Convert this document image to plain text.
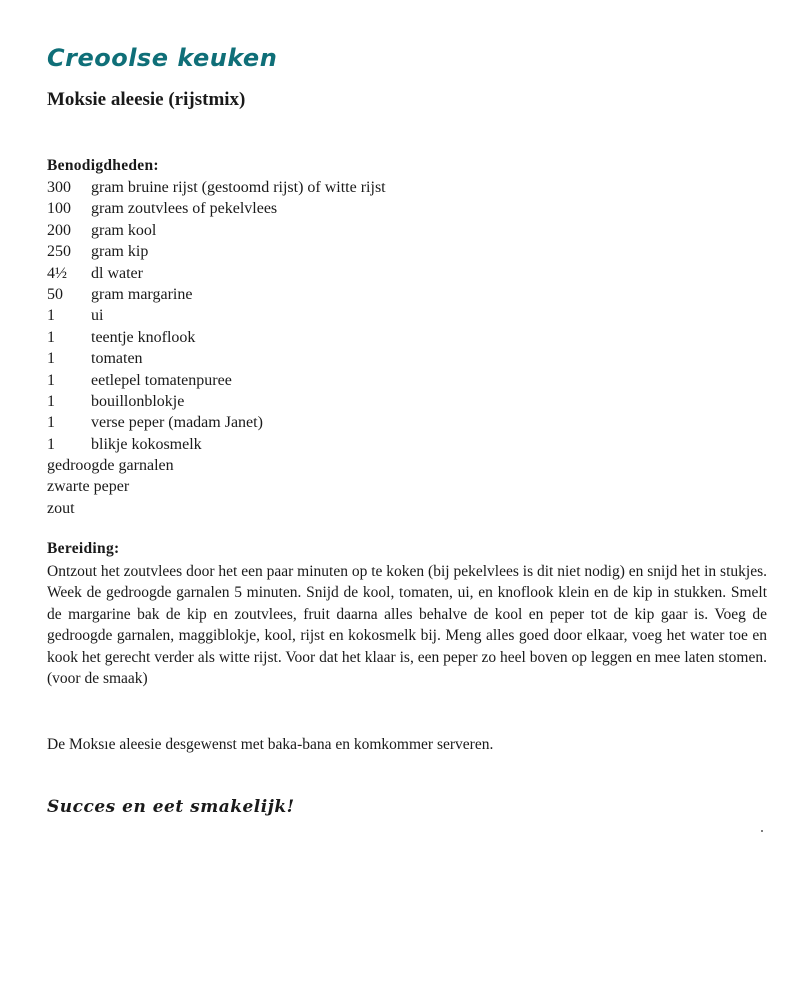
Creoolse keuken
Moksie aleesie (rijstmix)
Benodigdheden:
300	gram bruine rijst (gestoomd rijst) of witte rijst
100	gram zoutvlees of pekelvlees
200	gram kool
250	gram kip
4½	dl water
50	gram margarine
1	ui
1	teentje knoflook
1	tomaten
1	eetlepel tomatenpuree
1	bouillonblokje
1	verse peper (madam Janet)
1	blikje kokosmelk
gedroogde garnalen
zwarte peper
zout
Bereiding:

Ontzout het zoutvlees door het een paar minuten op te koken (bij pekelvlees is dit niet nodig) en snijd het in stukjes. Week de gedroogde garnalen 5 minuten. Snijd de kool, tomaten, ui, en knoflook klein en de kip in stukken. Smelt de margarine bak de kip en zoutvlees, fruit daarna alles behalve de kool en peper tot de kip gaar is. Voeg de gedroogde garnalen, maggiblokje, kool, rijst en kokosmelk bij. Meng alles goed door elkaar, voeg het water toe en kook het gerecht verder als witte rijst. Voor dat het klaar is, een peper zo heel boven op leggen en mee laten stomen.(voor de smaak)

De Moksıe aleesie desgewenst met baka-bana en komkommer serveren.

Succes en eet smakelijk!
